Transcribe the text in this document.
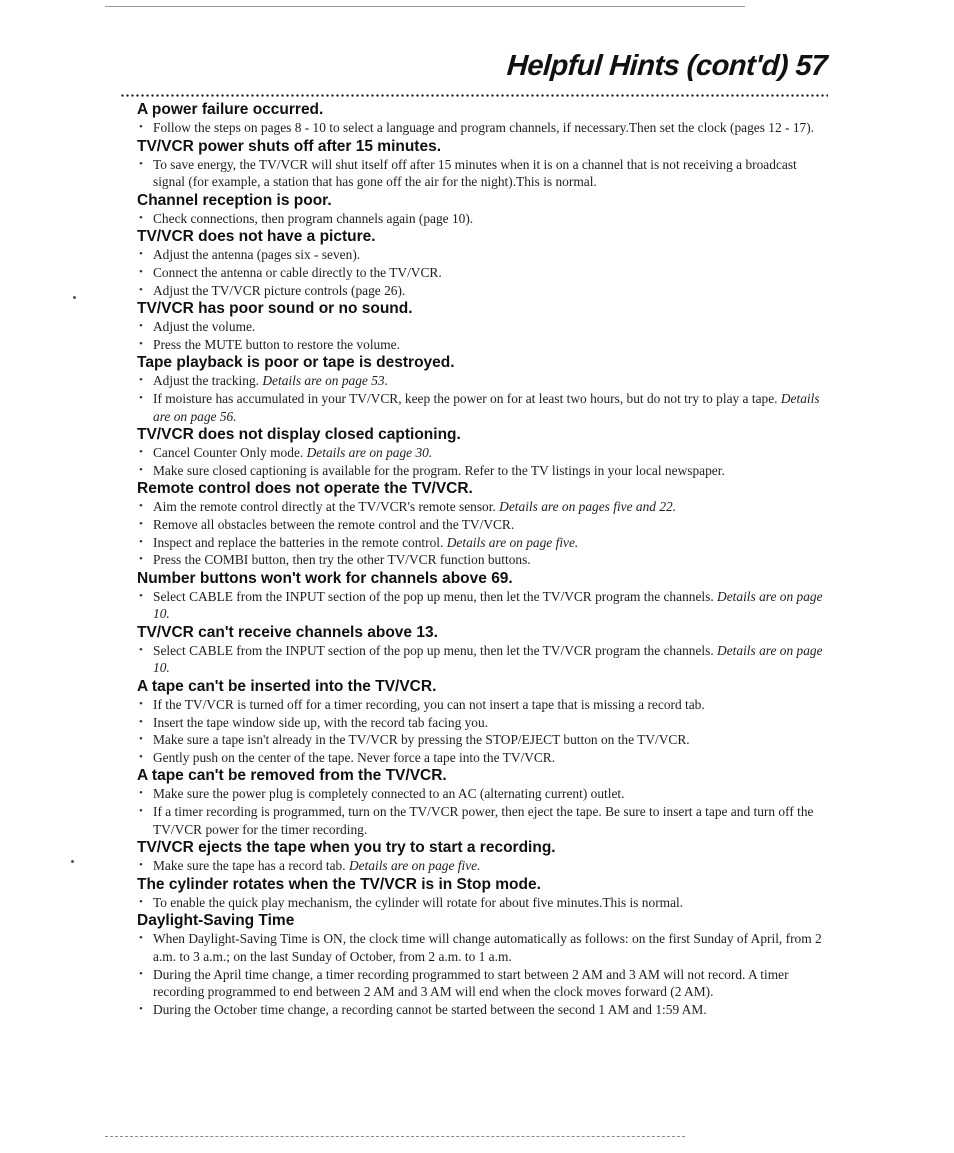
Helpful Hints (cont'd) 57
A power failure occurred.
• Follow the steps on pages 8 - 10 to select a language and program channels, if necessary.Then set the clock (pages 12 - 17).
TV/VCR power shuts off after 15 minutes.
• To save energy, the TV/VCR will shut itself off after 15 minutes when it is on a channel that is not receiving a broadcast signal (for example, a station that has gone off the air for the night).This is normal.
Channel reception is poor.
• Check connections, then program channels again (page 10).
TV/VCR does not have a picture.
• Adjust the antenna (pages six - seven).
• Connect the antenna or cable directly to the TV/VCR.
• Adjust the TV/VCR picture controls (page 26).
TV/VCR has poor sound or no sound.
• Adjust the volume.
• Press the MUTE button to restore the volume.
Tape playback is poor or tape is destroyed.
• Adjust the tracking. Details are on page 53.
• If moisture has accumulated in your TV/VCR, keep the power on for at least two hours, but do not try to play a tape. Details are on page 56.
TV/VCR does not display closed captioning.
• Cancel Counter Only mode. Details are on page 30.
• Make sure closed captioning is available for the program. Refer to the TV listings in your local newspaper.
Remote control does not operate the TV/VCR.
• Aim the remote control directly at the TV/VCR's remote sensor. Details are on pages five and 22.
• Remove all obstacles between the remote control and the TV/VCR.
• Inspect and replace the batteries in the remote control. Details are on page five.
• Press the COMBI button, then try the other TV/VCR function buttons.
Number buttons won't work for channels above 69.
• Select CABLE from the INPUT section of the pop up menu, then let the TV/VCR program the channels. Details are on page 10.
TV/VCR can't receive channels above 13.
• Select CABLE from the INPUT section of the pop up menu, then let the TV/VCR program the channels. Details are on page 10.
A tape can't be inserted into the TV/VCR.
• If the TV/VCR is turned off for a timer recording, you can not insert a tape that is missing a record tab.
• Insert the tape window side up, with the record tab facing you.
• Make sure a tape isn't already in the TV/VCR by pressing the STOP/EJECT button on the TV/VCR.
• Gently push on the center of the tape. Never force a tape into the TV/VCR.
A tape can't be removed from the TV/VCR.
• Make sure the power plug is completely connected to an AC (alternating current) outlet.
• If a timer recording is programmed, turn on the TV/VCR power, then eject the tape. Be sure to insert a tape and turn off the TV/VCR power for the timer recording.
TV/VCR ejects the tape when you try to start a recording.
• Make sure the tape has a record tab. Details are on page five.
The cylinder rotates when the TV/VCR is in Stop mode.
• To enable the quick play mechanism, the cylinder will rotate for about five minutes.This is normal.
Daylight-Saving Time
• When Daylight-Saving Time is ON, the clock time will change automatically as follows: on the first Sunday of April, from 2 a.m. to 3 a.m.; on the last Sunday of October, from 2 a.m. to 1 a.m.
• During the April time change, a timer recording programmed to start between 2 AM and 3 AM will not record. A timer recording programmed to end between 2 AM and 3 AM will end when the clock moves forward (2 AM).
• During the October time change, a recording cannot be started between the second 1 AM and 1:59 AM.
